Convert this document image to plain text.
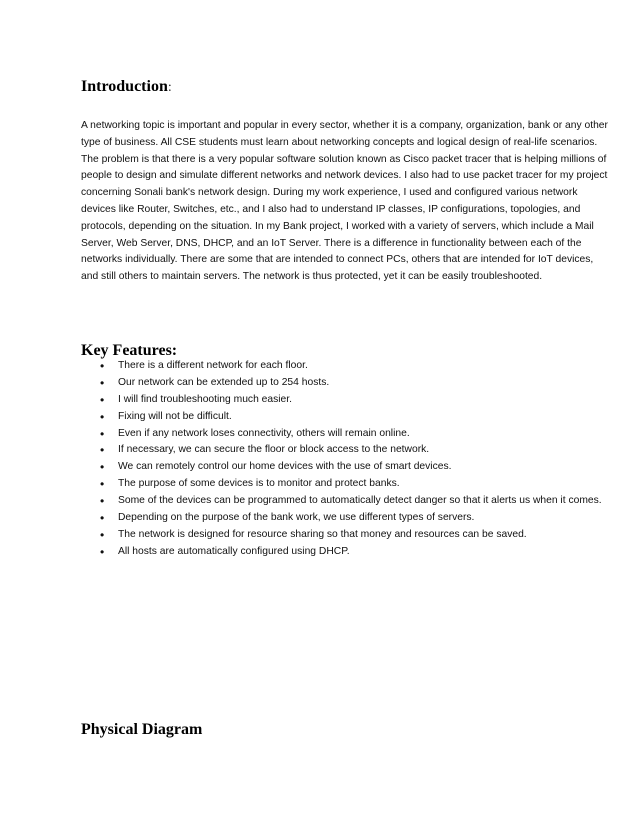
Introduction:

A networking topic is important and popular in every sector, whether it is a company, organization, bank or any other type of business. All CSE students must learn about networking concepts and logical design of real-life scenarios. The problem is that there is a very popular software solution known as Cisco packet tracer that is helping millions of people to design and simulate different networks and network devices. I also had to use packet tracer for my project concerning Sonali bank's network design. During my work experience, I used and configured various network devices like Router, Switches, etc., and I also had to understand IP classes, IP configurations, topologies, and protocols, depending on the situation. In my Bank project, I worked with a variety of servers, which include a Mail Server, Web Server, DNS, DHCP, and an IoT Server. There is a difference in functionality between each of the networks individually. There are some that are intended to connect PCs, others that are intended for IoT devices, and still others to maintain servers. The network is thus protected, yet it can be easily troubleshooted.

Key Features:
• There is a different network for each floor.
• Our network can be extended up to 254 hosts.
• I will find troubleshooting much easier.
• Fixing will not be difficult.
• Even if any network loses connectivity, others will remain online.
• If necessary, we can secure the floor or block access to the network.
• We can remotely control our home devices with the use of smart devices.
• The purpose of some devices is to monitor and protect banks.
• Some of the devices can be programmed to automatically detect danger so that it alerts us when it comes.
• Depending on the purpose of the bank work, we use different types of servers.
• The network is designed for resource sharing so that money and resources can be saved.
• All hosts are automatically configured using DHCP.
Physical Diagram
